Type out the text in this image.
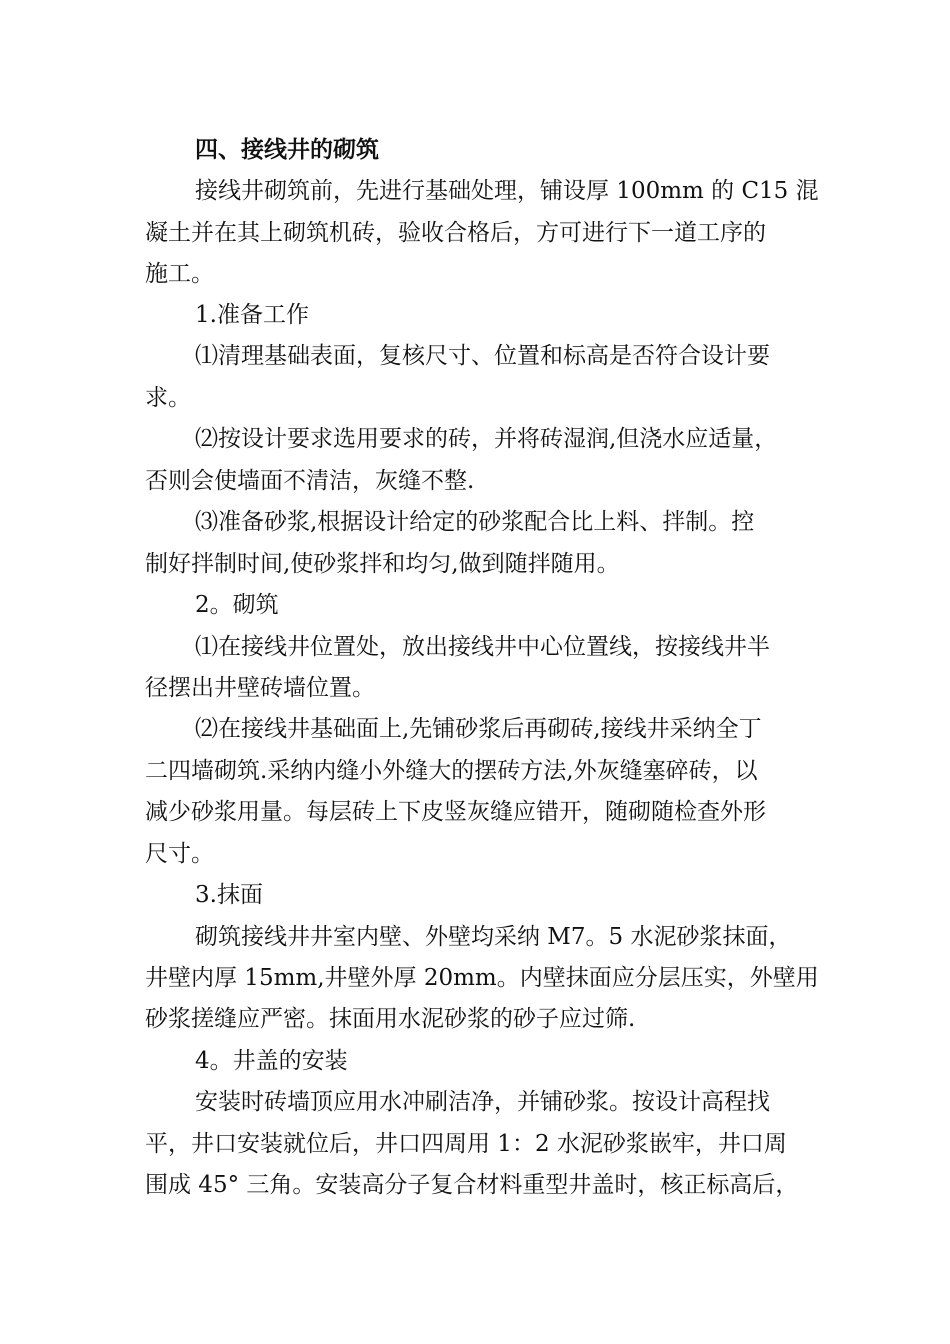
四、接线井的砌筑
接线井砌筑前，先进行基础处理，铺设厚 100mm 的 C15 混
凝土并在其上砌筑机砖，验收合格后，方可进行下一道工序的
施工。
1.准备工作
⑴清理基础表面，复核尺寸、位置和标高是否符合设计要
求。
⑵按设计要求选用要求的砖，并将砖湿润,但浇水应适量，
否则会使墙面不清洁，灰缝不整.
⑶准备砂浆,根据设计给定的砂浆配合比上料、拌制。控
制好拌制时间,使砂浆拌和均匀,做到随拌随用。
2。砌筑
⑴在接线井位置处，放出接线井中心位置线，按接线井半
径摆出井壁砖墙位置。
⑵在接线井基础面上,先铺砂浆后再砌砖,接线井采纳全丁
二四墙砌筑.采纳内缝小外缝大的摆砖方法,外灰缝塞碎砖，以
减少砂浆用量。每层砖上下皮竖灰缝应错开，随砌随检查外形
尺寸。
3.抹面
砌筑接线井井室内壁、外壁均采纳 M7。5 水泥砂浆抹面，
井壁内厚 15mm,井壁外厚 20mm。内壁抹面应分层压实，外壁用
砂浆搓缝应严密。抹面用水泥砂浆的砂子应过筛.
4。井盖的安装
安装时砖墙顶应用水冲刷洁净，并铺砂浆。按设计高程找
平，井口安装就位后，井口四周用 1：2 水泥砂浆嵌牢，井口周
围成 45° 三角。安装高分子复合材料重型井盖时，核正标高后，
